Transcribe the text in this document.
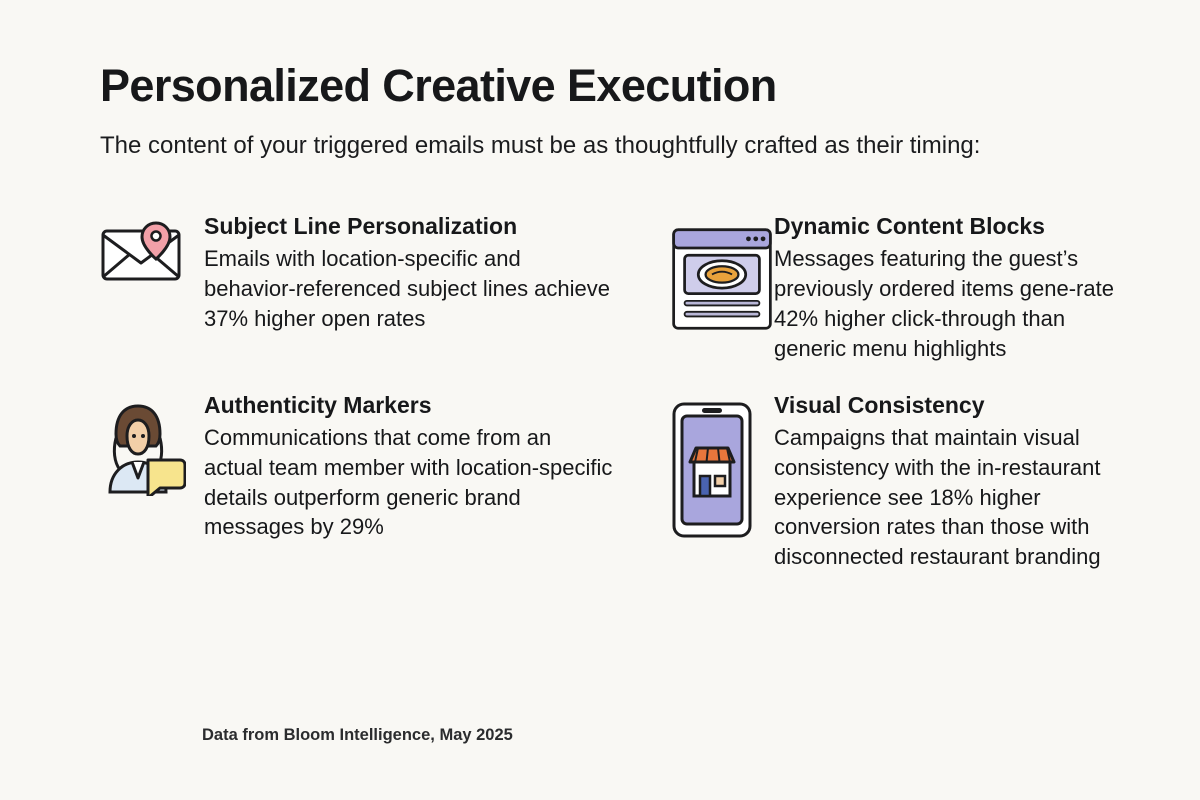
Personalized Creative Execution

The content of your triggered emails must be as thoughtfully crafted as their timing:

Subject Line Personalization

Emails with location-specific and behavior-referenced subject lines achieve 37% higher open rates

Dynamic Content Blocks

Messages featuring the guest’s previously ordered items gene-rate 42% higher click-through than generic menu highlights

Authenticity Markers

Communications that come from an actual team member with location-specific details outperform generic brand messages by 29%

Visual Consistency

Campaigns that maintain visual consistency with the in-restaurant experience see 18% higher conversion rates than those with disconnected restaurant branding

Data from Bloom Intelligence, May 2025
